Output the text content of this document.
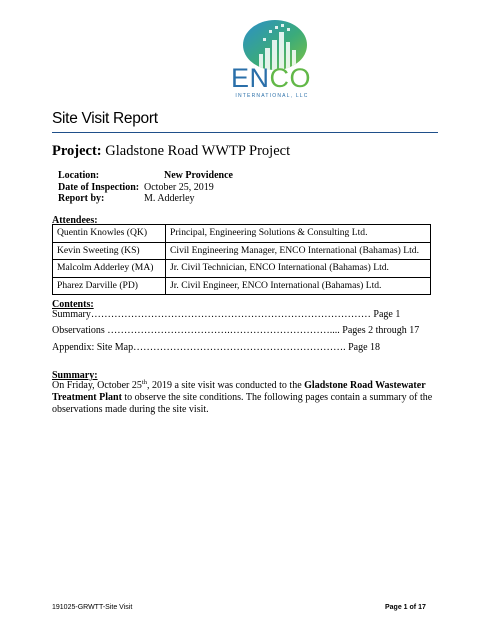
ENCO
INTERNATIONAL, LLC
Site Visit Report
Project: Gladstone Road WWTP Project
Location:	New Providence
Date of Inspection: October 25, 2019
Report by:	M. Adderley
Attendees:
Quentin Knowles (QK)	Principal, Engineering Solutions & Consulting Ltd.
Kevin Sweeting (KS)	Civil Engineering Manager, ENCO International (Bahamas) Ltd.
Malcolm Adderley (MA)	Jr. Civil Technician, ENCO International (Bahamas) Ltd.
Pharez Darville (PD)	Jr. Civil Engineer, ENCO International (Bahamas) Ltd.
Contents:
Summary………………………………………………………………………… Page 1
Observations ……………………………….………………………….... Pages 2 through 17
Appendix: Site Map………………………………………………………. Page 18
Summary:
On Friday, October 25th, 2019 a site visit was conducted to the Gladstone Road Wastewater Treatment Plant to observe the site conditions. The following pages contain a summary of the observations made during the site visit.
191025-GRWTT-Site Visit	Page 1 of 17
